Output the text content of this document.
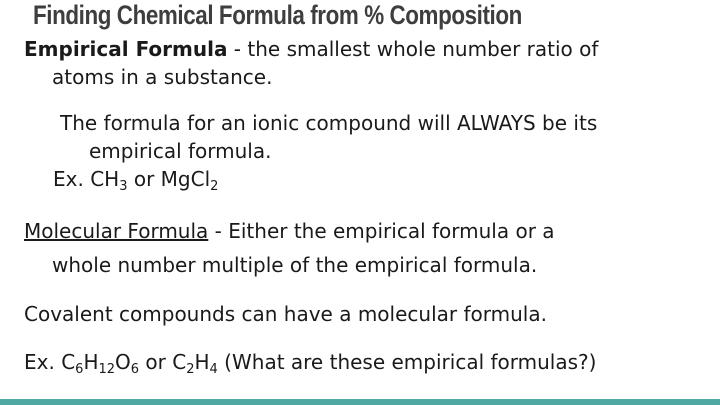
Finding Chemical Formula from % Composition
Empirical Formula - the smallest whole number ratio of
atoms in a substance.
The formula for an ionic compound will ALWAYS be its
empirical formula.
Ex. $CH_3$ or MgCl$_2$
Molecular Formula - Either the empirical formula or a
whole number multiple of the empirical formula.
Covalent compounds can have a molecular formula.
Ex. $C_6H_{12}O_6$ or $C_2H_4$ (What are these empirical formulas?)
